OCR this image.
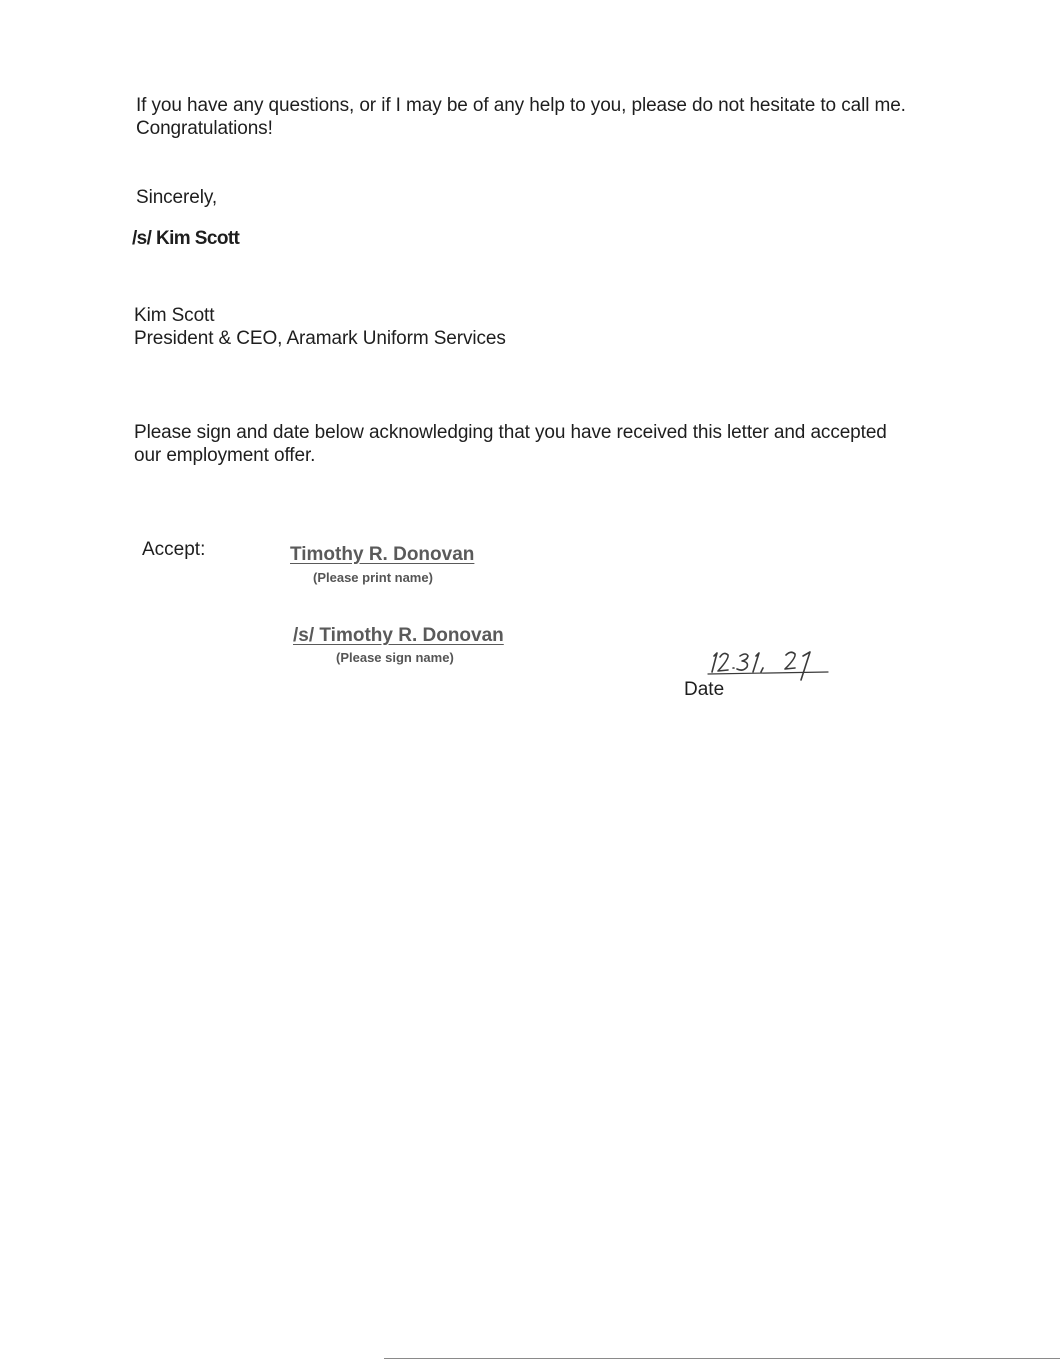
If you have any questions, or if I may be of any help to you, please do not hesitate to call me. Congratulations!
Sincerely,
/s/ Kim Scott
Kim Scott
President & CEO, Aramark Uniform Services
Please sign and date below acknowledging that you have received this letter and accepted our employment offer.
Accept:	Timothy R. Donovan
(Please print name)
/s/ Timothy R. Donovan
(Please sign name)
Date
